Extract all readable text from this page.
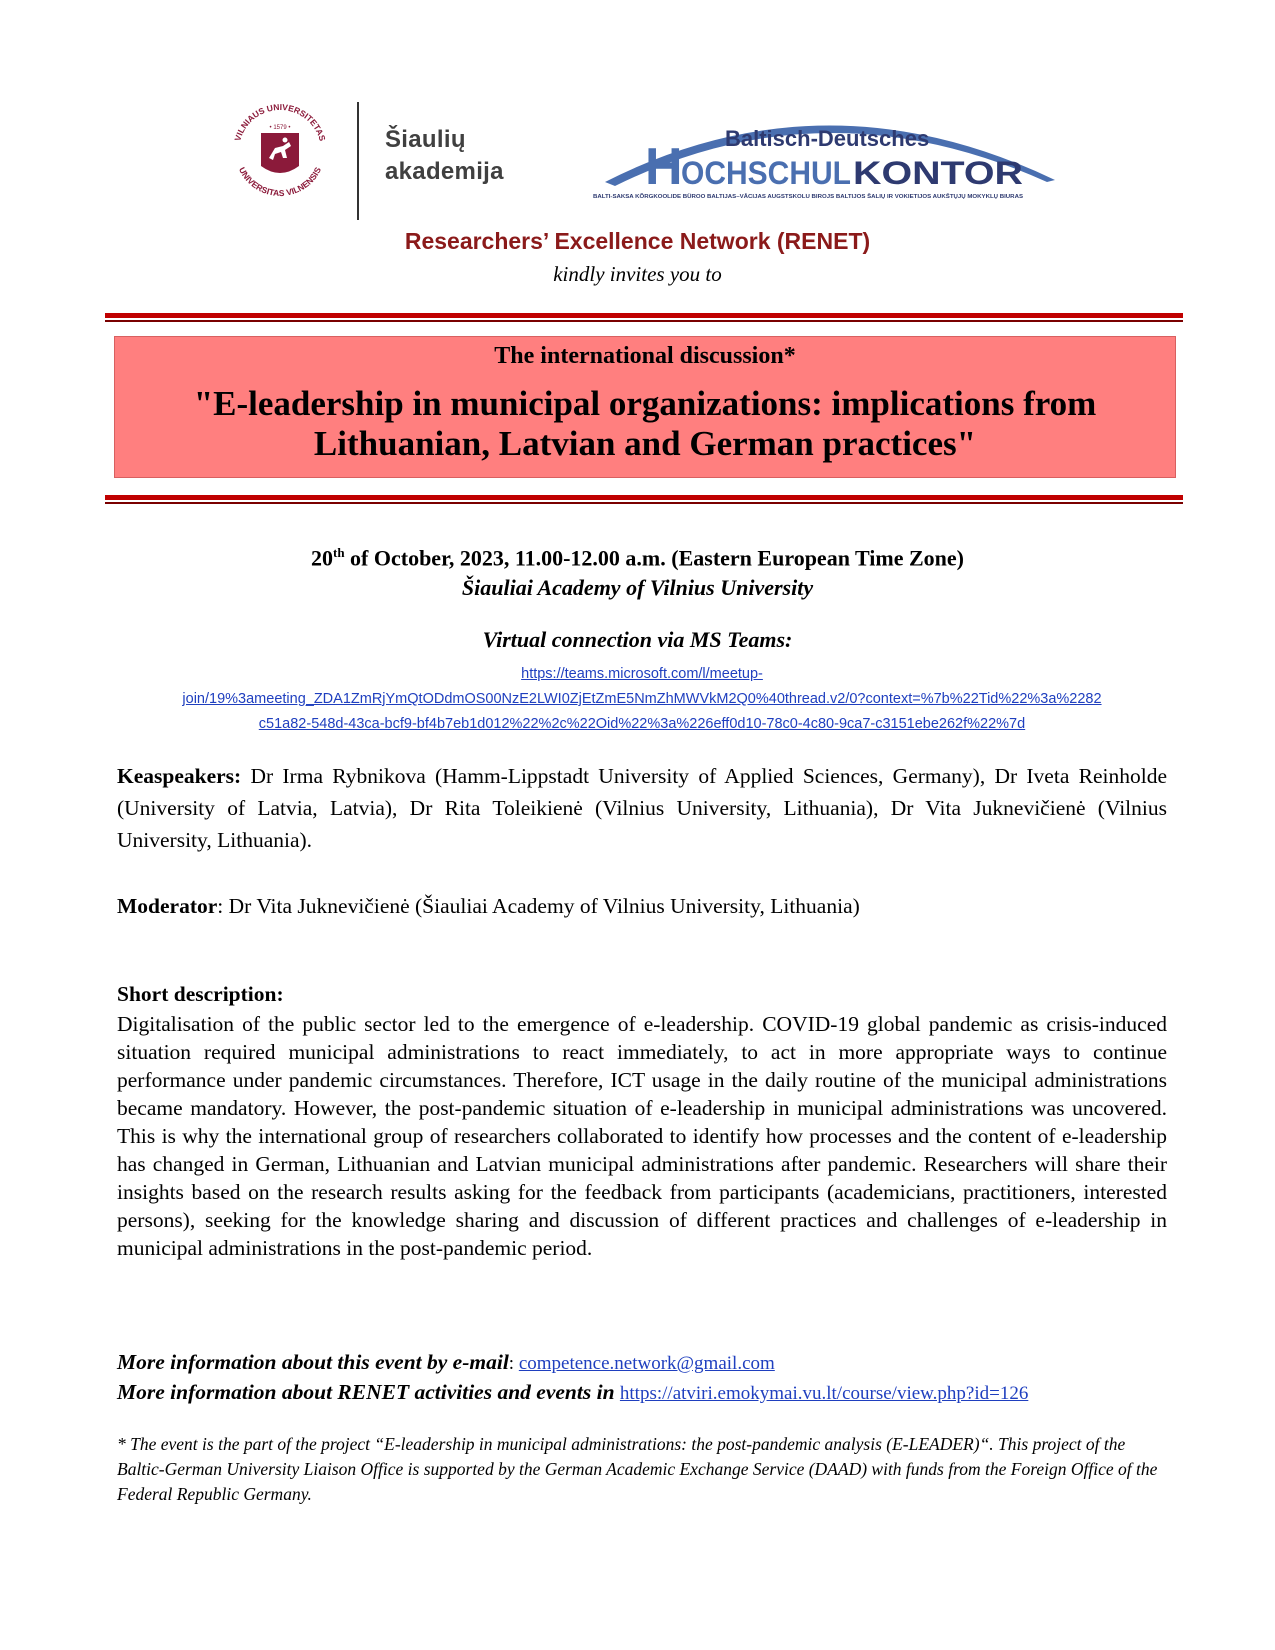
VILNIAUS UNIVERSITETAS
UNIVERSITAS VILNENSIS
• 1579 •	Šiaulių
akademija
Baltisch-Deutsches
H
OCHSCHUL KONTOR
BALTI-SAKSA KÕRGKOOLIDE BÜROO BALTIJAS–VĀCIJAS AUGSTSKOLU BIROJS BALTIJOS ŠALIŲ IR VOKIETIJOS AUKŠTŲJŲ MOKYKLŲ BIURAS
Researchers’ Excellence Network (RENET)
kindly invites you to
The international discussion*
"E-leadership in municipal organizations: implications from
Lithuanian, Latvian and German practices"
20th of October, 2023, 11.00-12.00 a.m. (Eastern European Time Zone)
Šiauliai Academy of Vilnius University
Virtual connection via MS Teams:
https://teams.microsoft.com/l/meetup-
join/19%3ameeting_ZDA1ZmRjYmQtODdmOS00NzE2LWI0ZjEtZmE5NmZhMWVkM2Q0%40thread.v2/0?context=%7b%22Tid%22%3a%2282
c51a82-548d-43ca-bcf9-bf4b7eb1d012%22%2c%22Oid%22%3a%226eff0d10-78c0-4c80-9ca7-c3151ebe262f%22%7d
Keaspeakers: Dr Irma Rybnikova (Hamm-Lippstadt University of Applied Sciences, Germany), Dr Iveta Reinholde (University of Latvia, Latvia), Dr Rita Toleikienė (Vilnius University, Lithuania), Dr Vita Juknevičienė (Vilnius University, Lithuania).
Moderator: Dr Vita Juknevičienė (Šiauliai Academy of Vilnius University, Lithuania)
Short description:
Digitalisation of the public sector led to the emergence of e-leadership. COVID-19 global pandemic as crisis-induced situation required municipal administrations to react immediately, to act in more appropriate ways to continue performance under pandemic circumstances. Therefore, ICT usage in the daily routine of the municipal administrations became mandatory. However, the post-pandemic situation of e-leadership in municipal administrations was uncovered. This is why the international group of researchers collaborated to identify how processes and the content of e-leadership has changed in German, Lithuanian and Latvian municipal administrations after pandemic. Researchers will share their insights based on the research results asking for the feedback from participants (academicians, practitioners, interested persons), seeking for the knowledge sharing and discussion of different practices and challenges of e-leadership in municipal administrations in the post-pandemic period.
More information about this event by e-mail: competence.network@gmail.com
More information about RENET activities and events in https://atviri.emokymai.vu.lt/course/view.php?id=126
* The event is the part of the project “E-leadership in municipal administrations: the post-pandemic analysis (E-LEADER)“. This project of the Baltic-German University Liaison Office is supported by the German Academic Exchange Service (DAAD) with funds from the Foreign Office of the Federal Republic Germany.
